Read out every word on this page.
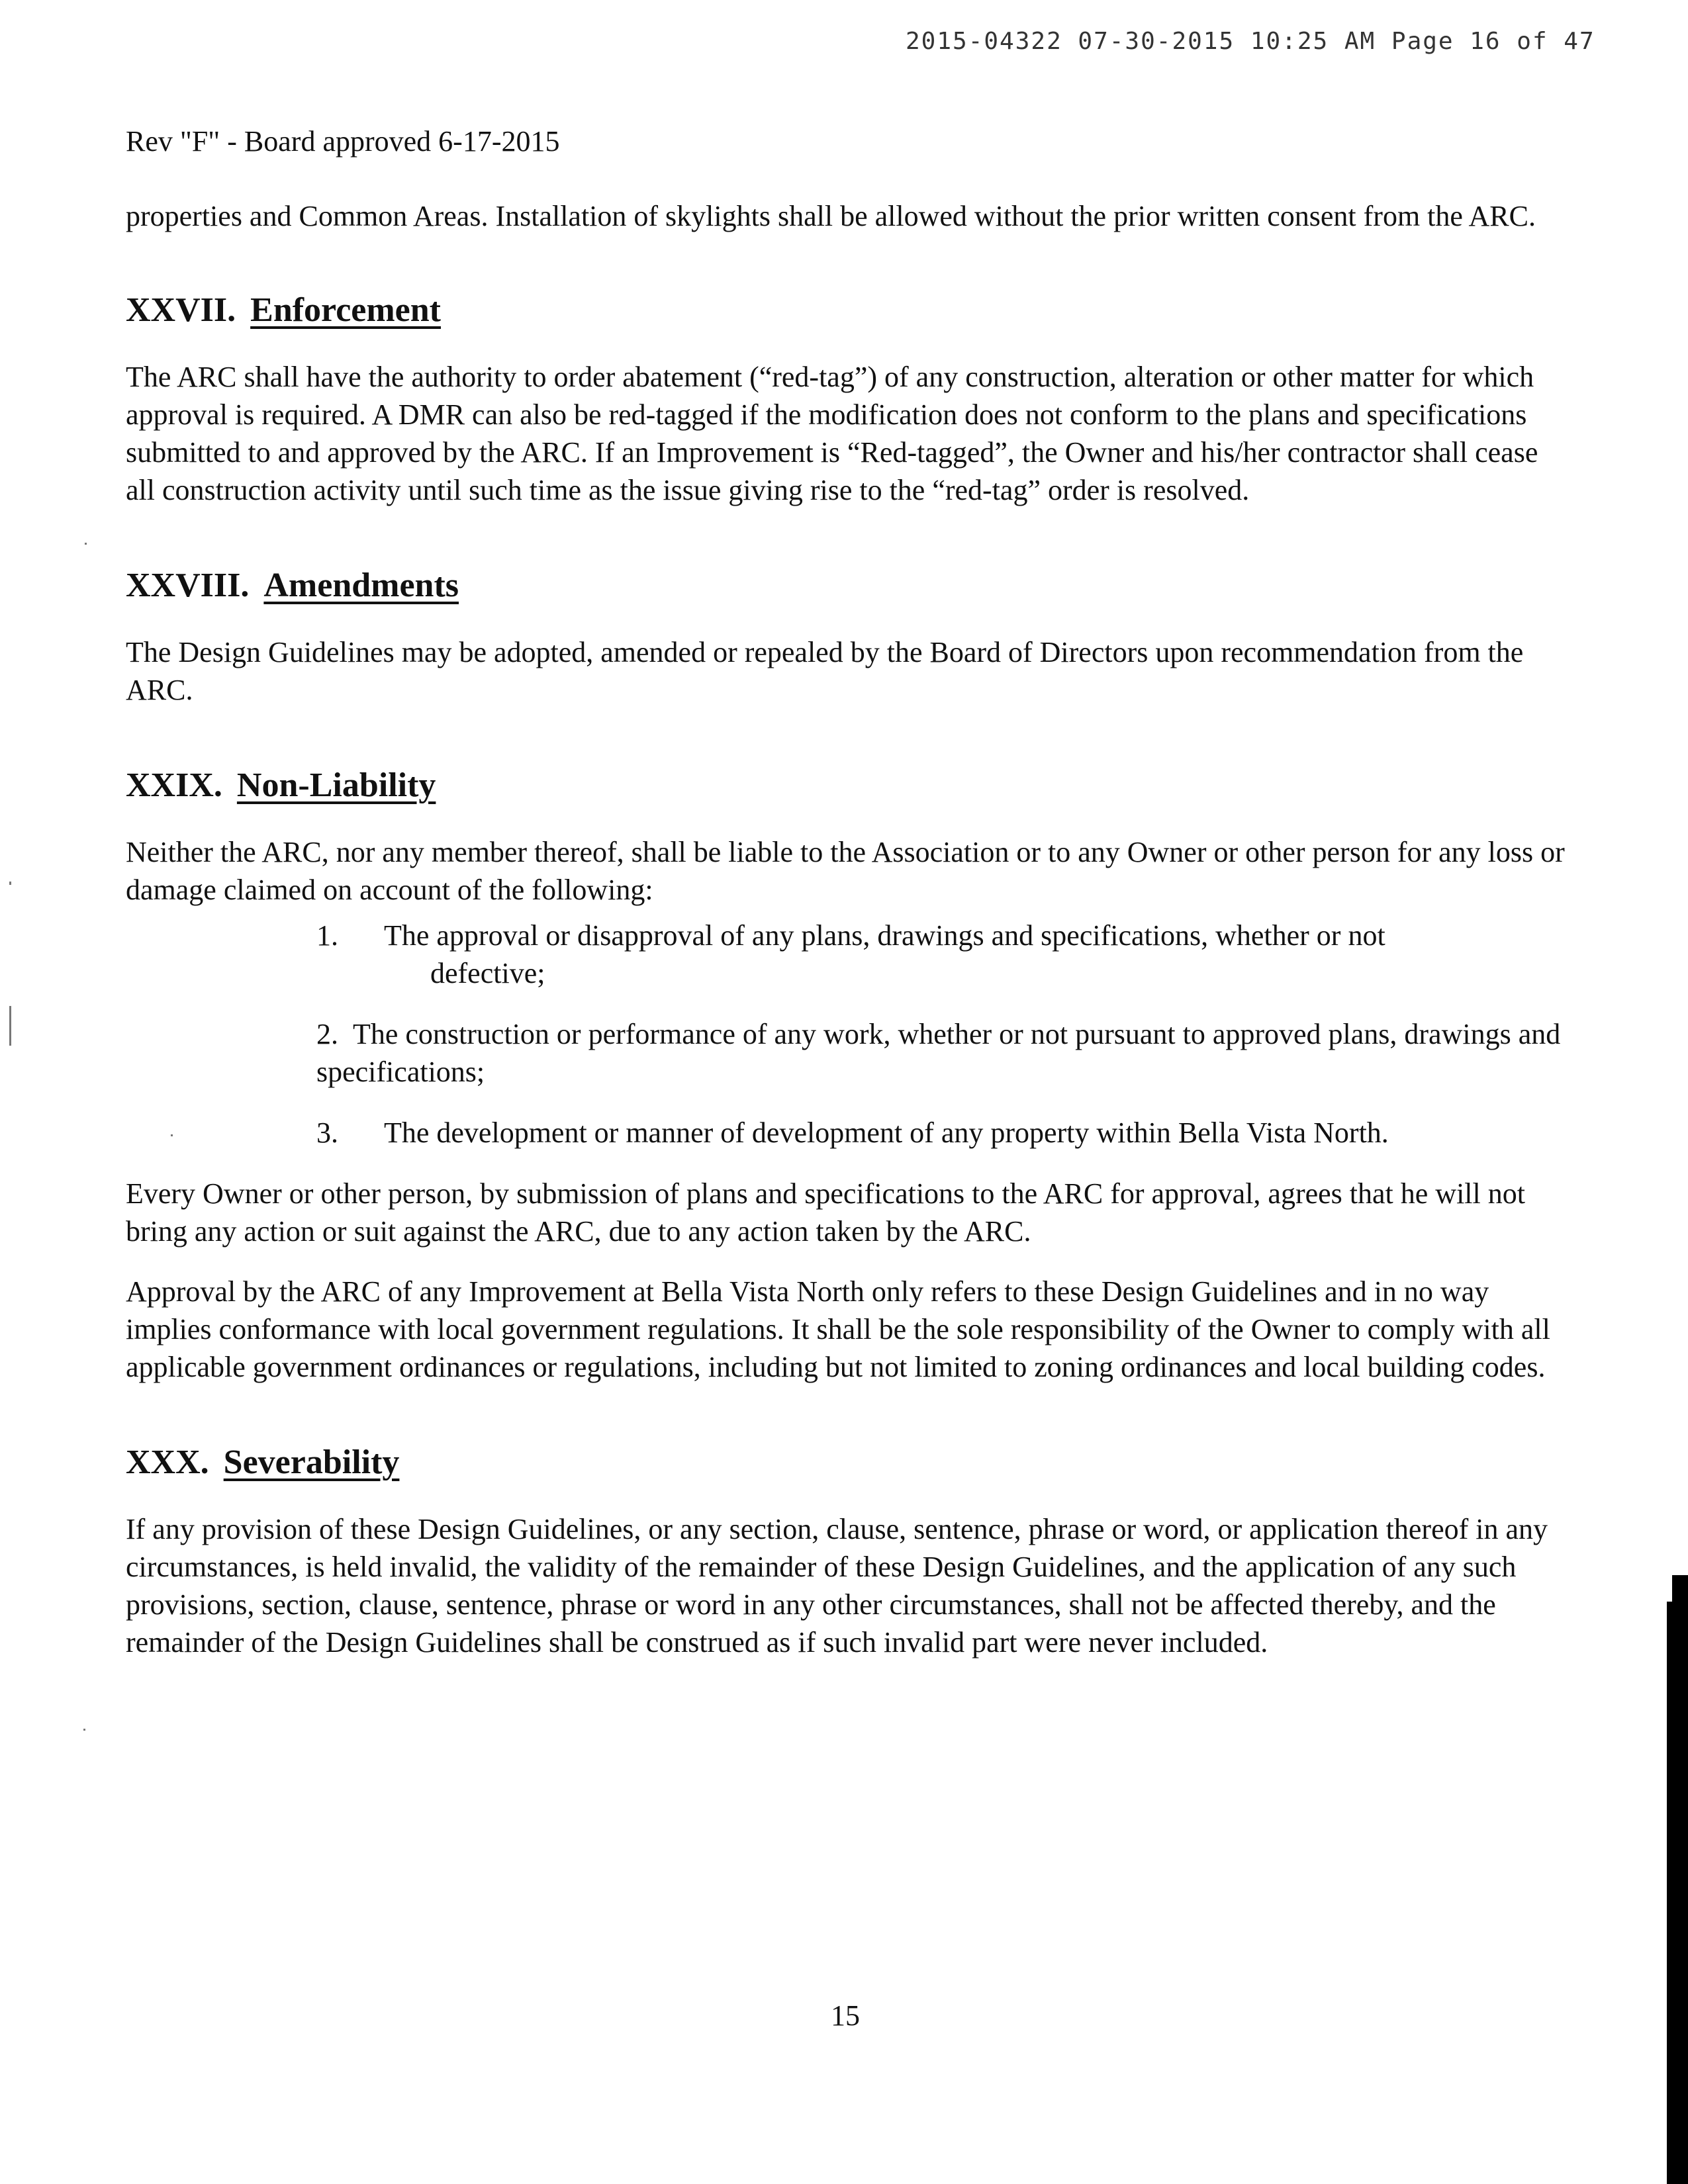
2015-04322 07-30-2015 10:25 AM Page 16 of 47
Rev "F" - Board approved 6-17-2015

properties and Common Areas. Installation of skylights shall be allowed without the prior written consent from the ARC.

XXVII. Enforcement

The ARC shall have the authority to order abatement (“red-tag”) of any construction, alteration or other matter for which approval is required. A DMR can also be red-tagged if the modification does not conform to the plans and specifications submitted to and approved by the ARC. If an Improvement is “Red-tagged”, the Owner and his/her contractor shall cease all construction activity until such time as the issue giving rise to the “red-tag” order is resolved.

XXVIII. Amendments

The Design Guidelines may be adopted, amended or repealed by the Board of Directors upon recommendation from the ARC.

XXIX. Non-Liability

Neither the ARC, nor any member thereof, shall be liable to the Association or to any Owner or other person for any loss or damage claimed on account of the following:

1. The approval or disapproval of any plans, drawings and specifications, whether or not
defective;
2. The construction or performance of any work, whether or not pursuant to approved plans, drawings and specifications;
3. The development or manner of development of any property within Bella Vista North.

Every Owner or other person, by submission of plans and specifications to the ARC for approval, agrees that he will not bring any action or suit against the ARC, due to any action taken by the ARC.

Approval by the ARC of any Improvement at Bella Vista North only refers to these Design Guidelines and in no way implies conformance with local government regulations. It shall be the sole responsibility of the Owner to comply with all applicable government ordinances or regulations, including but not limited to zoning ordinances and local building codes.

XXX. Severability

If any provision of these Design Guidelines, or any section, clause, sentence, phrase or word, or application thereof in any circumstances, is held invalid, the validity of the remainder of these Design Guidelines, and the application of any such provisions, section, clause, sentence, phrase or word in any other circumstances, shall not be affected thereby, and the remainder of the Design Guidelines shall be construed as if such invalid part were never included.

15
